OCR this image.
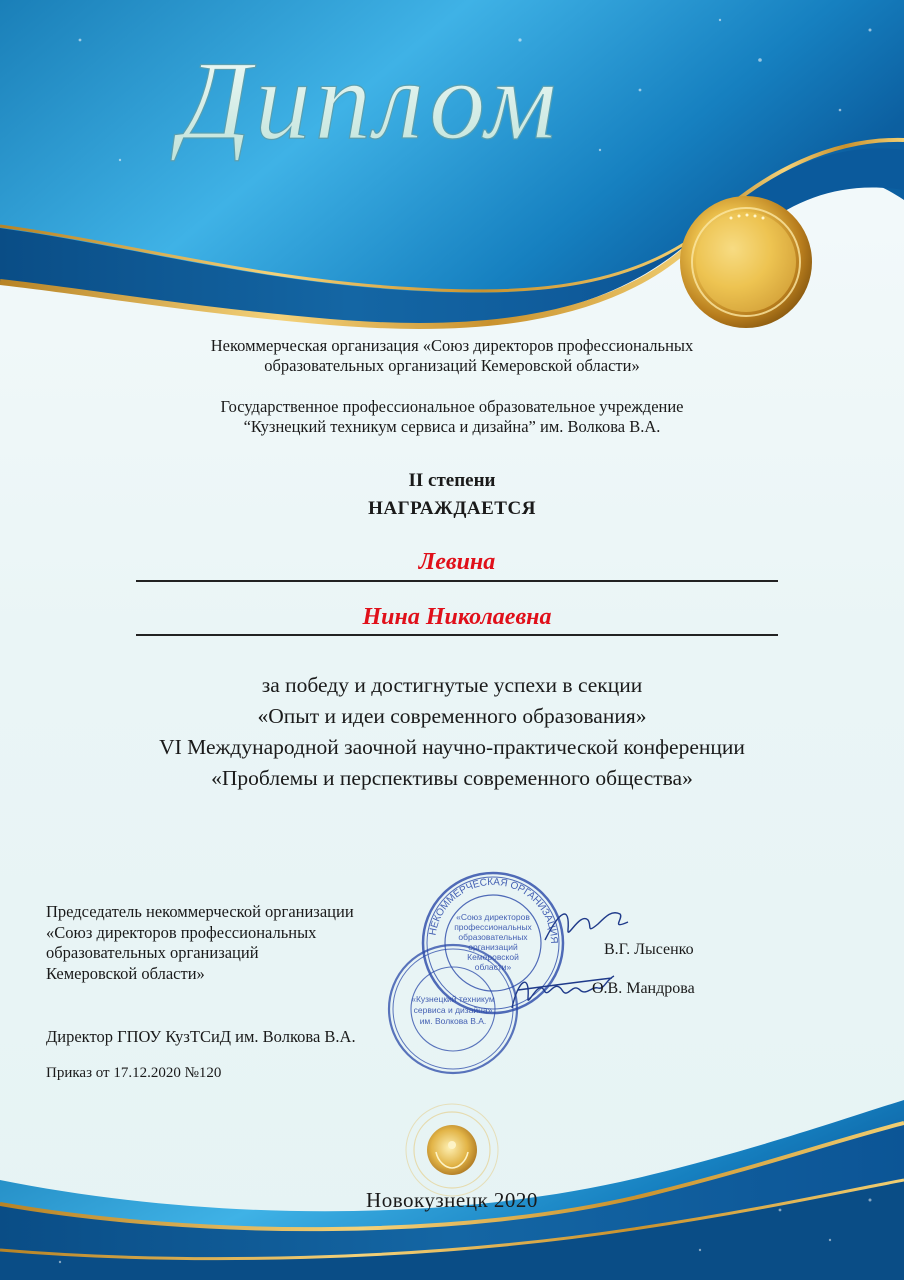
Диплом
Некоммерческая организация «Союз директоров профессиональных
образовательных организаций Кемеровской области»
Государственное профессиональное образовательное учреждение
“Кузнецкий техникум сервиса и дизайна” им. Волкова В.А.
II степени
НАГРАЖДАЕТСЯ
Левина
Нина Николаевна
за победу и достигнутые успехи в секции
«Опыт и идеи современного образования»
VI Международной заочной научно-практической конференции
«Проблемы и перспективы современного общества»
Председатель некоммерческой организации
«Союз директоров профессиональных
образовательных организаций
Кемеровской области»
Директор ГПОУ КузТСиД им. Волкова В.А.
Приказ от 17.12.2020 №120
НЕКОММЕРЧЕСКАЯ ОРГАНИЗАЦИЯ
«Союз директоров
профессиональных
образовательных
организаций
Кемеровской
области»
«Кузнецкий техникум
сервиса и дизайна»
им. Волкова В.А.
В.Г. Лысенко
О.В. Мандрова
Новокузнецк 2020
